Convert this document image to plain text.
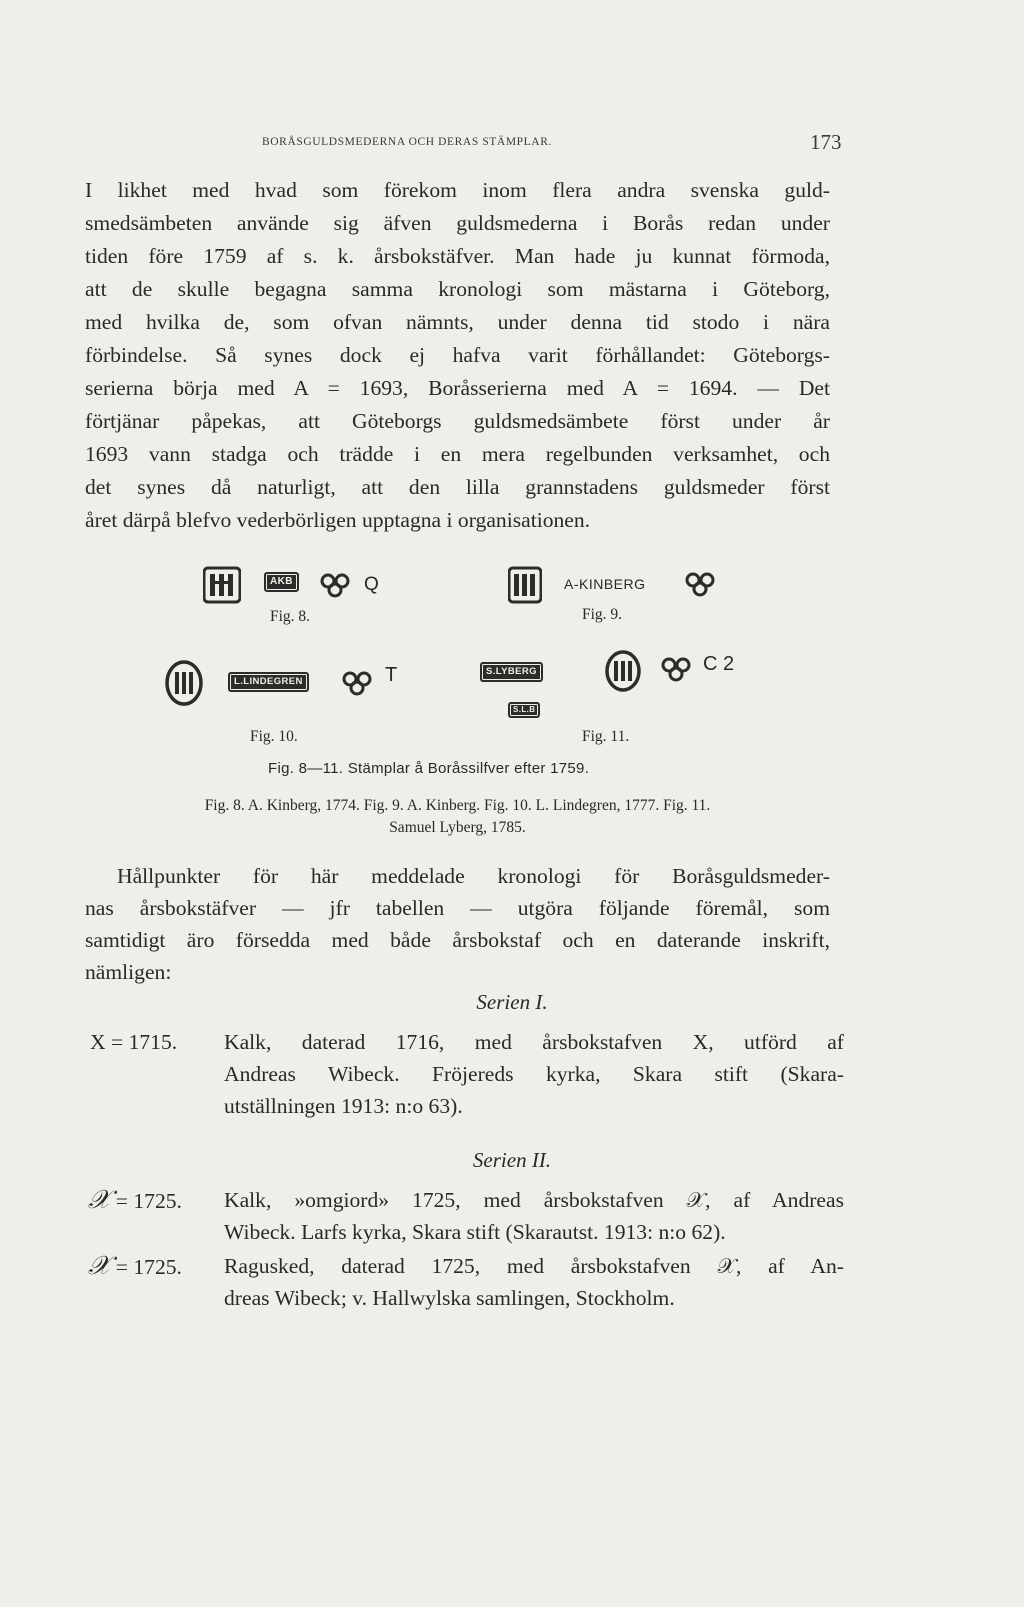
BORÅSGULDSMEDERNA OCH DERAS STÄMPLAR.	173
I likhet med hvad som förekom inom flera andra svenska guld-
smedsämbeten använde sig äfven guldsmederna i Borås redan under
tiden före 1759 af s. k. årsbokstäfver. Man hade ju kunnat förmoda,
att de skulle begagna samma kronologi som mästarna i Göteborg,
med hvilka de, som ofvan nämnts, under denna tid stodo i nära
förbindelse. Så synes dock ej hafva varit förhållandet: Göteborgs-
serierna börja med A = 1693, Boråsserierna med A = 1694. — Det
förtjänar påpekas, att Göteborgs guldsmedsämbete först under år
1693 vann stadga och trädde i en mera regelbunden verksamhet, och
det synes då naturligt, att den lilla grannstadens guldsmeder först
året därpå blefvo vederbörligen upptagna i organisationen.
AKB	Q
Fig. 8.
A-KINBERG
Fig. 9.
L.LINDEGREN	T
Fig. 10.
S.LYBERG
S.L.B
C 2
Fig. 11.
Fig. 8—11. Stämplar å Boråssilfver efter 1759.
Fig. 8. A. Kinberg, 1774. Fig. 9. A. Kinberg. Fig. 10. L. Lindegren, 1777. Fig. 11.
Samuel Lyberg, 1785.
Hållpunkter för här meddelade kronologi för Boråsguldsmeder-
nas årsbokstäfver — jfr tabellen — utgöra följande föremål, som
samtidigt äro försedda med både årsbokstaf och en daterande inskrift,
nämligen:
Serien I.
X = 1715. Kalk, daterad 1716, med årsbokstafven X, utförd af
Andreas Wibeck. Fröjereds kyrka, Skara stift (Skara-
utställningen 1913: n:o 63).
Serien II.
𝒳 = 1725. Kalk, »omgiord» 1725, med årsbokstafven 𝒳, af Andreas
Wibeck. Larfs kyrka, Skara stift (Skarautst. 1913: n:o 62).
𝒳 = 1725. Ragusked, daterad 1725, med årsbokstafven 𝒳, af An-
dreas Wibeck; v. Hallwylska samlingen, Stockholm.
